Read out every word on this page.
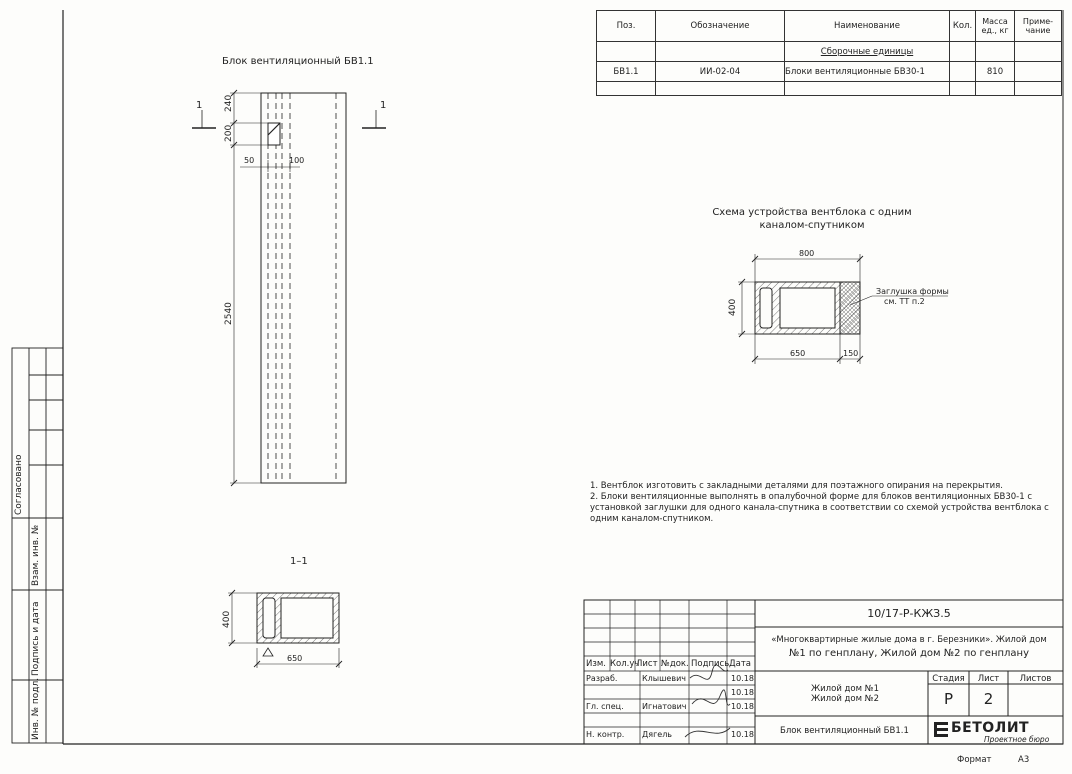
Поз.	Обозначение	Наименование	Кол.	Масса ед., кг	Приме- чание
		Сборочные единицы			
БВ1.1	ИИ-02-04	Блоки вентиляционные БВ30-1		810	

Блок вентиляционный БВ1.1
1	1
240
200
2540
50	100
1–1
400
650
Схема устройства вентблока с одним
каналом-спутником
800
400
650	150
Заглушка формы
см. ТТ п.2
1. Вентблок изготовить с закладными деталями для поэтажного опирания на перекрытия.
2. Блоки вентиляционные выполнять в опалубочной форме для блоков вентиляционных БВ30-1 с
установкой заглушки для одного канала-спутника в соответствии со схемой устройства вентблока с
одним каналом-спутником.
Согласовано
Взам. инв. №
Подпись и дата
Инв. № подл.
10/17-Р-КЖЗ.5
«Многоквартирные жилые дома в г. Березники». Жилой дом
№1 по генплану, Жилой дом №2 по генплану
Изм. Кол.уч
Лист №док. Подпись Дата
Разраб.	Клышевич	10.18
10.18
Гл. спец. Игнатович	10.18
Н. контр. Дягель	10.18
Жилой дом №1
Жилой дом №2
Стадия	Лист	Листов
Р	2
Блок вентиляционный БВ1.1	БЕТОЛИТ
Проектное бюро
Формат	А3
